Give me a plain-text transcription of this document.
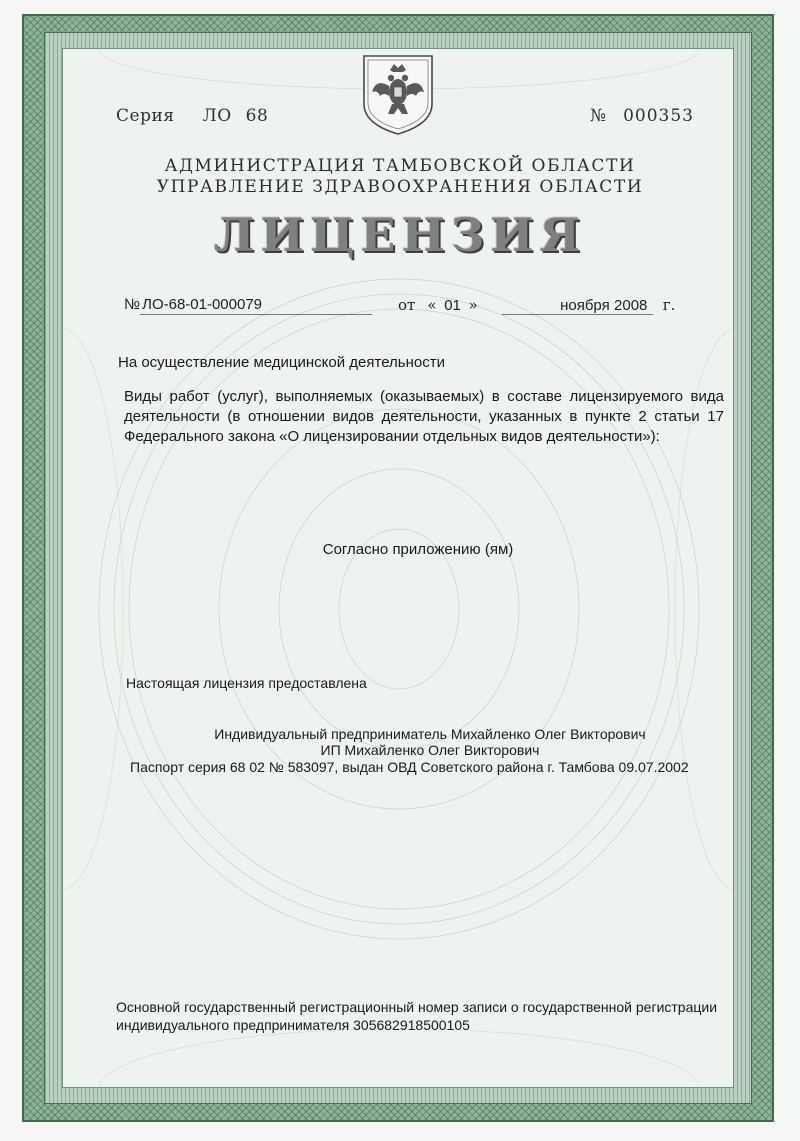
Серия ЛО 68	№ 000353
АДМИНИСТРАЦИЯ ТАМБОВСКОЙ ОБЛАСТИ
УПРАВЛЕНИЕ ЗДРАВООХРАНЕНИЯ ОБЛАСТИ
ЛИЦЕНЗИЯ
№ ЛО-68-01-000079	от « 01 »	ноября 2008 г.
На осуществление медицинской деятельности
Виды работ (услуг), выполняемых (оказываемых) в составе лицензируемого вида деятельности (в отношении видов деятельности, указанных в пункте 2 статьи 17 Федерального закона «О лицензировании отдельных видов деятельности»):
Согласно приложению (ям)
Настоящая лицензия предоставлена
Индивидуальный предприниматель Михайленко Олег Викторович
ИП Михайленко Олег Викторович
Паспорт серия 68 02 № 583097, выдан ОВД Советского района г. Тамбова 09.07.2002
Основной государственный регистрационный номер записи о государственной регистрации индивидуального предпринимателя 305682918500105
